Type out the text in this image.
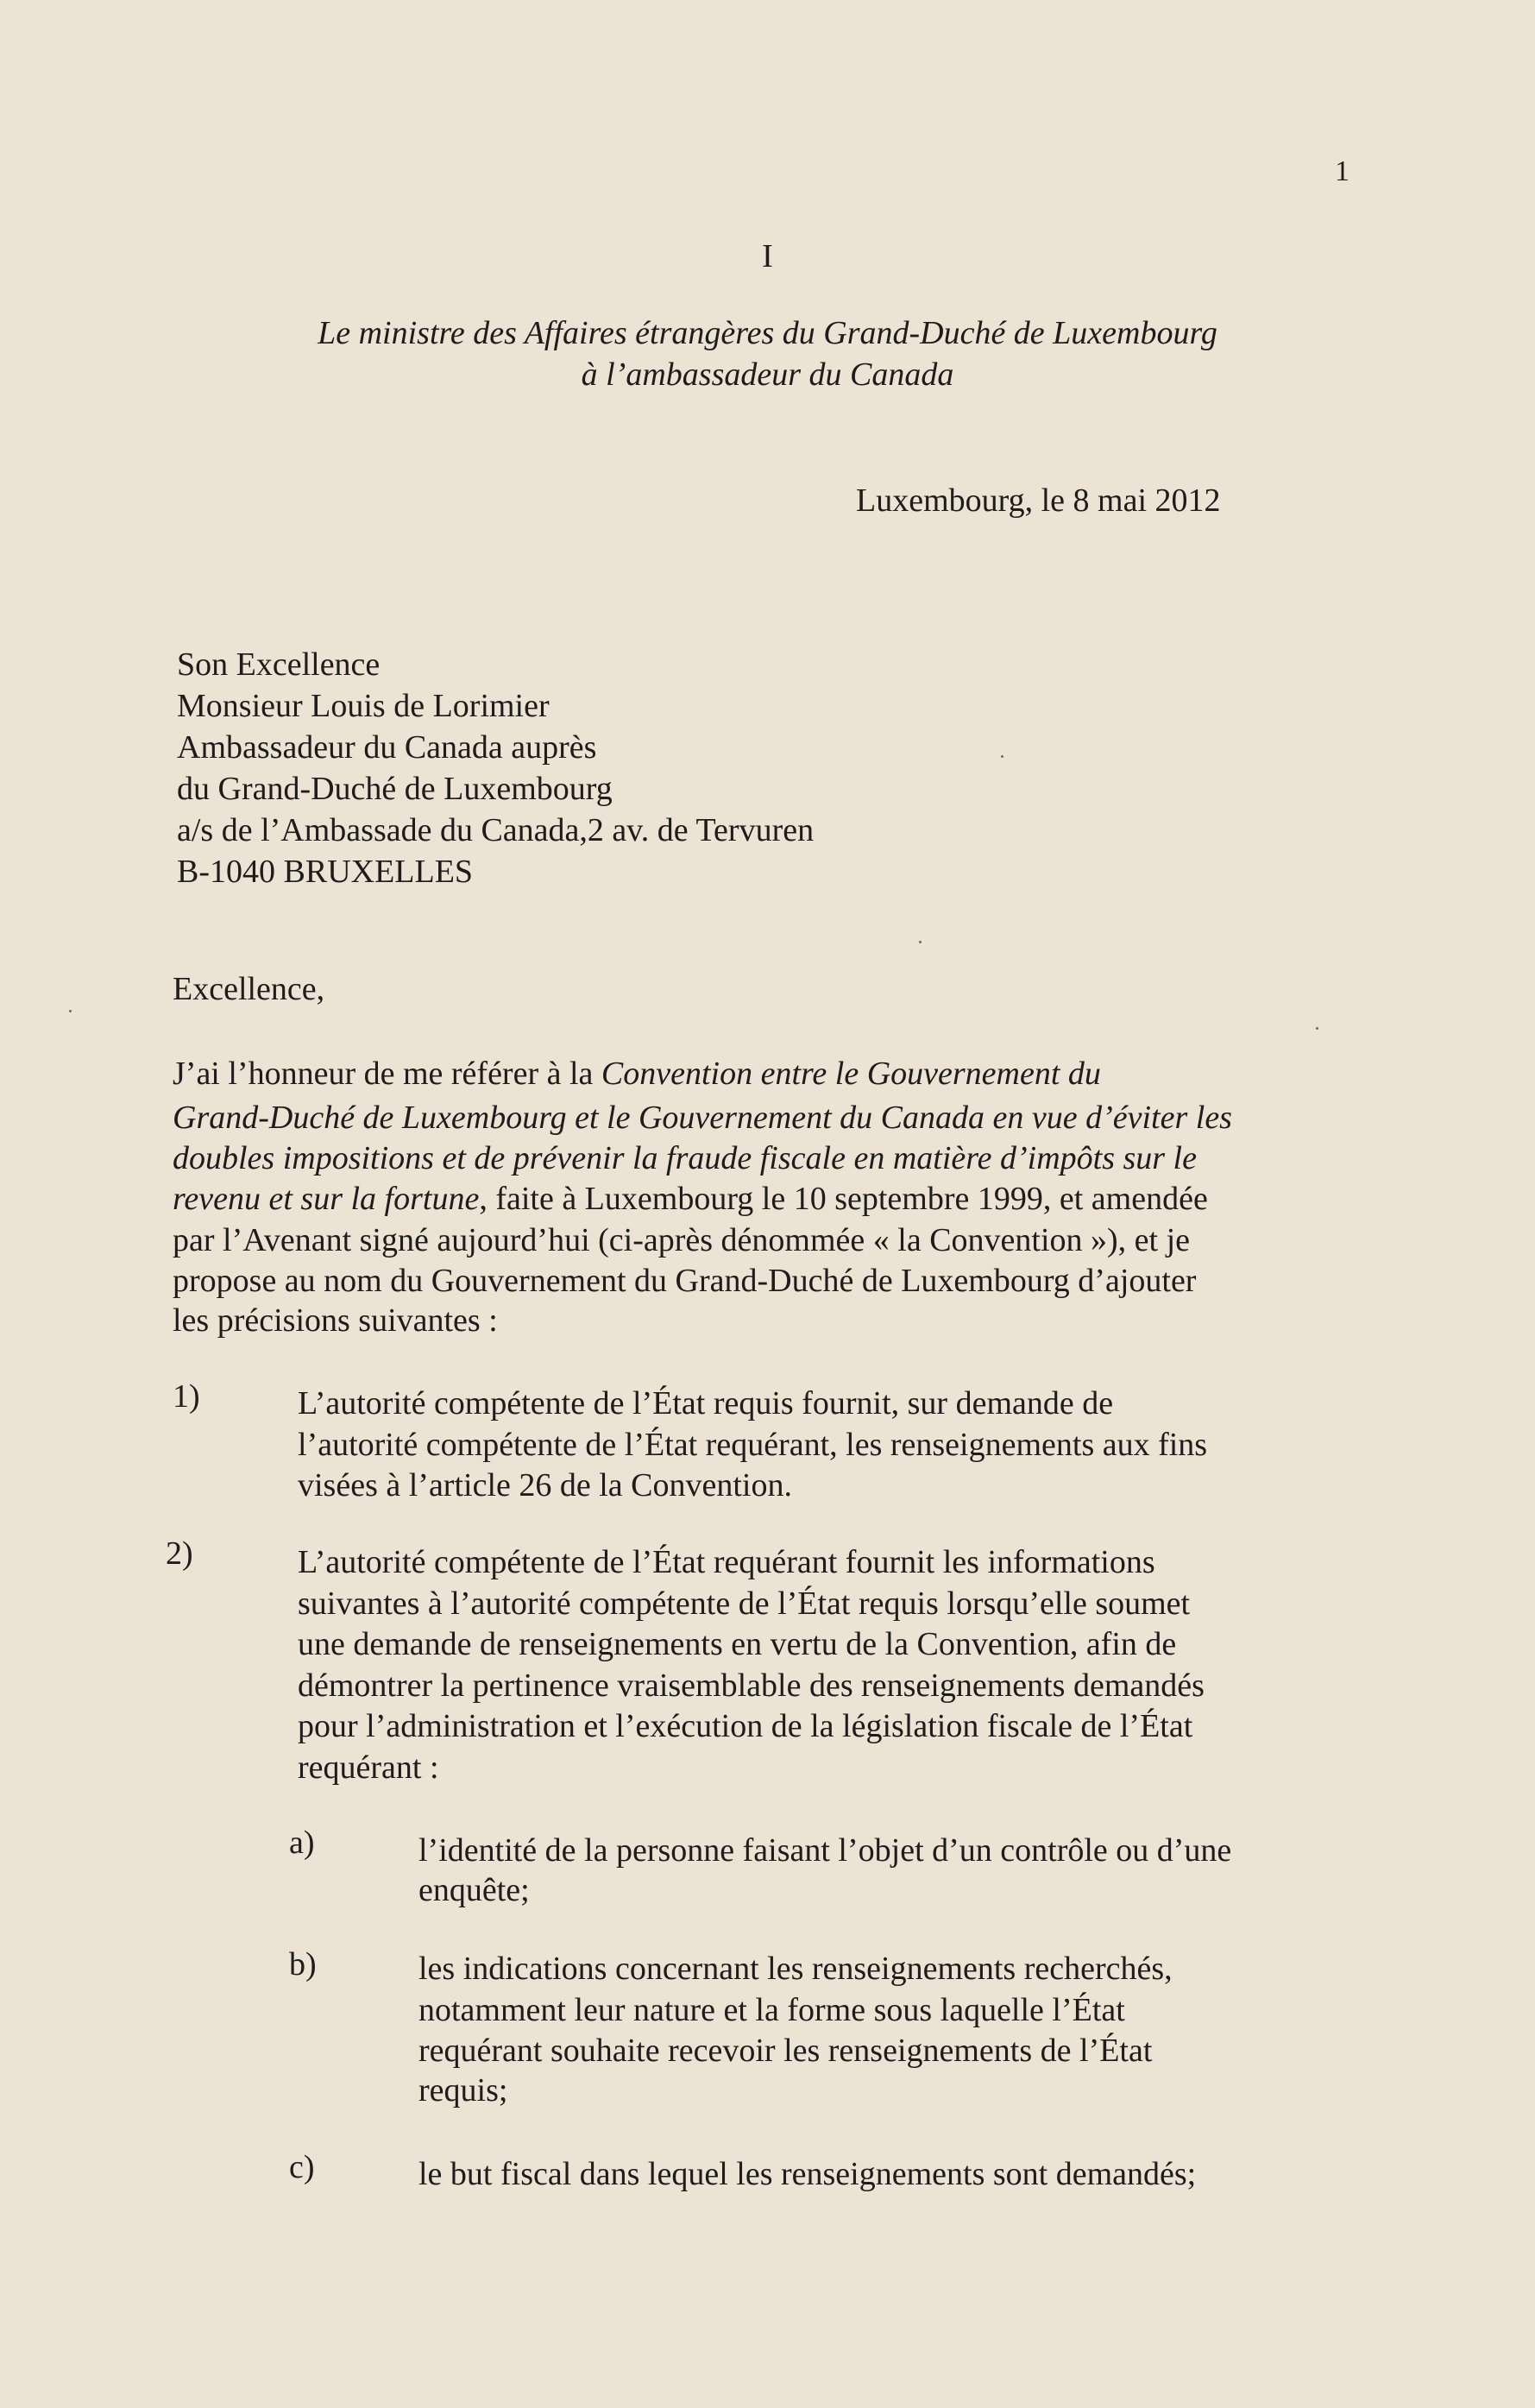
1
I
Le ministre des Affaires étrangères du Grand-Duché de Luxembourg
à l’ambassadeur du Canada
Luxembourg, le 8 mai 2012
Son Excellence
Monsieur Louis de Lorimier
Ambassadeur du Canada auprès
du Grand-Duché de Luxembourg
a/s de l’Ambassade du Canada,2 av. de Tervuren
B-1040 BRUXELLES
Excellence,
J’ai l’honneur de me référer à la Convention entre le Gouvernement du
Grand-Duché de Luxembourg et le Gouvernement du Canada en vue d’éviter les
doubles impositions et de prévenir la fraude fiscale en matière d’impôts sur le
revenu et sur la fortune, faite à Luxembourg le 10 septembre 1999, et amendée
par l’Avenant signé aujourd’hui (ci-après dénommée « la Convention »), et je
propose au nom du Gouvernement du Grand-Duché de Luxembourg d’ajouter
les précisions suivantes :
1)	L’autorité compétente de l’État requis fournit, sur demande de
l’autorité compétente de l’État requérant, les renseignements aux fins
visées à l’article 26 de la Convention.
2)	L’autorité compétente de l’État requérant fournit les informations
suivantes à l’autorité compétente de l’État requis lorsqu’elle soumet
une demande de renseignements en vertu de la Convention, afin de
démontrer la pertinence vraisemblable des renseignements demandés
pour l’administration et l’exécution de la législation fiscale de l’État
requérant :
a)	l’identité de la personne faisant l’objet d’un contrôle ou d’une
enquête;
b)	les indications concernant les renseignements recherchés,
notamment leur nature et la forme sous laquelle l’État
requérant souhaite recevoir les renseignements de l’État
requis;
c)	le but fiscal dans lequel les renseignements sont demandés;
